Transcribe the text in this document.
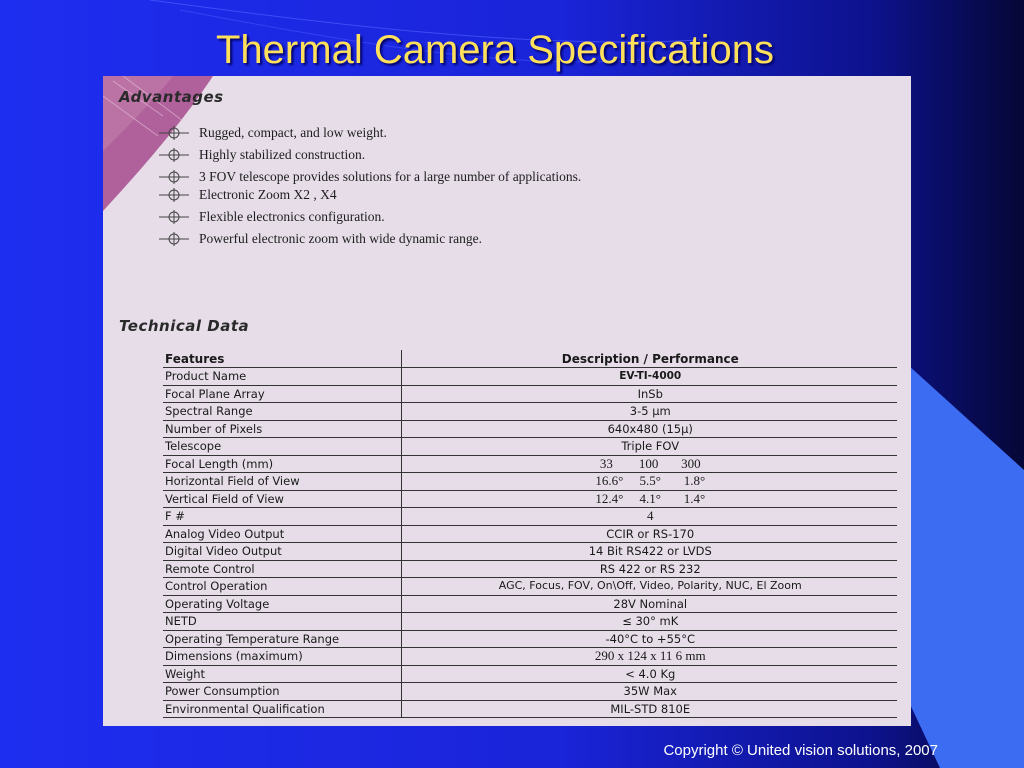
Thermal Camera Specifications
Advantages
Rugged, compact, and low weight.
Highly stabilized construction.
3 FOV telescope provides solutions for a large number of applications.
Electronic Zoom X2 , X4
Flexible electronics configuration.
Powerful electronic zoom with wide dynamic range.
Technical Data
Features	Description / Performance
Product Name	EV-TI-4000
Focal Plane Array	InSb
Spectral Range	3-5 μm
Number of Pixels	640x480 (15μ)
Telescope	Triple FOV
Focal Length (mm)	33        100       300
Horizontal Field of View	16.6°     5.5°       1.8°
Vertical Field of View	12.4°     4.1°       1.4°
F #	4
Analog Video Output	CCIR or RS-170
Digital Video Output	14 Bit RS422 or LVDS
Remote Control	RS 422 or RS 232
Control Operation	AGC, Focus, FOV, On\Off, Video, Polarity, NUC, El Zoom
Operating Voltage	28V Nominal
NETD	≤ 30° mK
Operating Temperature Range	-40°C to +55°C
Dimensions (maximum)	290 x 124 x 11 6 mm
Weight	< 4.0 Kg
Power Consumption	35W Max
Environmental Qualification	MIL-STD 810E
Copyright © United vision solutions, 2007
